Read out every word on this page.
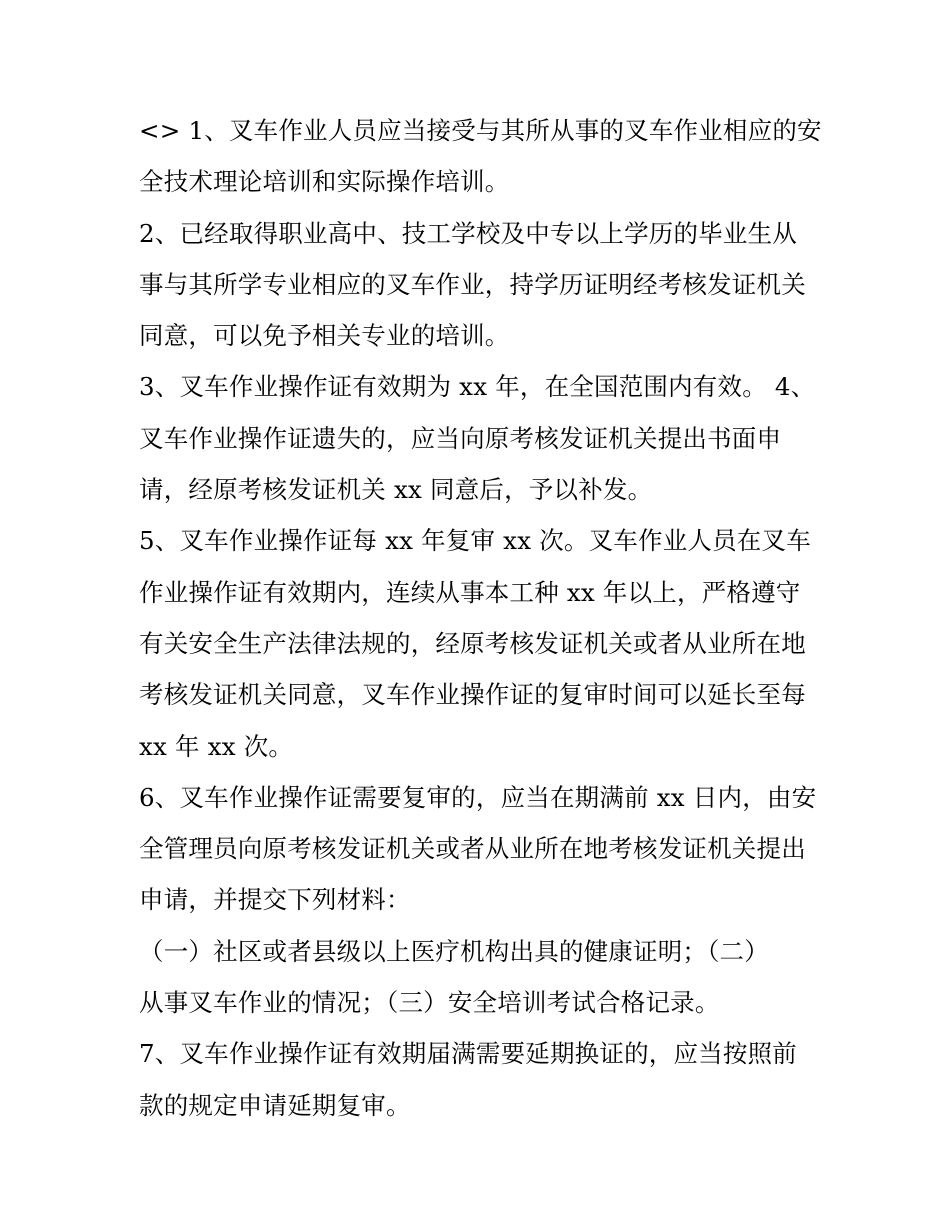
<> 1、叉车作业人员应当接受与其所从事的叉车作业相应的安
全技术理论培训和实际操作培训。

2、已经取得职业高中、技工学校及中专以上学历的毕业生从
事与其所学专业相应的叉车作业，持学历证明经考核发证机关
同意，可以免予相关专业的培训。

3、叉车作业操作证有效期为 xx 年，在全国范围内有效。 4、
叉车作业操作证遗失的，应当向原考核发证机关提出书面申
请，经原考核发证机关 xx 同意后，予以补发。

5、叉车作业操作证每 xx 年复审 xx 次。叉车作业人员在叉车
作业操作证有效期内，连续从事本工种 xx 年以上，严格遵守
有关安全生产法律法规的，经原考核发证机关或者从业所在地
考核发证机关同意，叉车作业操作证的复审时间可以延长至每
xx 年 xx 次。

6、叉车作业操作证需要复审的，应当在期满前 xx 日内，由安
全管理员向原考核发证机关或者从业所在地考核发证机关提出
申请，并提交下列材料：

（一）社区或者县级以上医疗机构出具的健康证明；（二）
从事叉车作业的情况；（三）安全培训考试合格记录。

7、叉车作业操作证有效期届满需要延期换证的，应当按照前
款的规定申请延期复审。
